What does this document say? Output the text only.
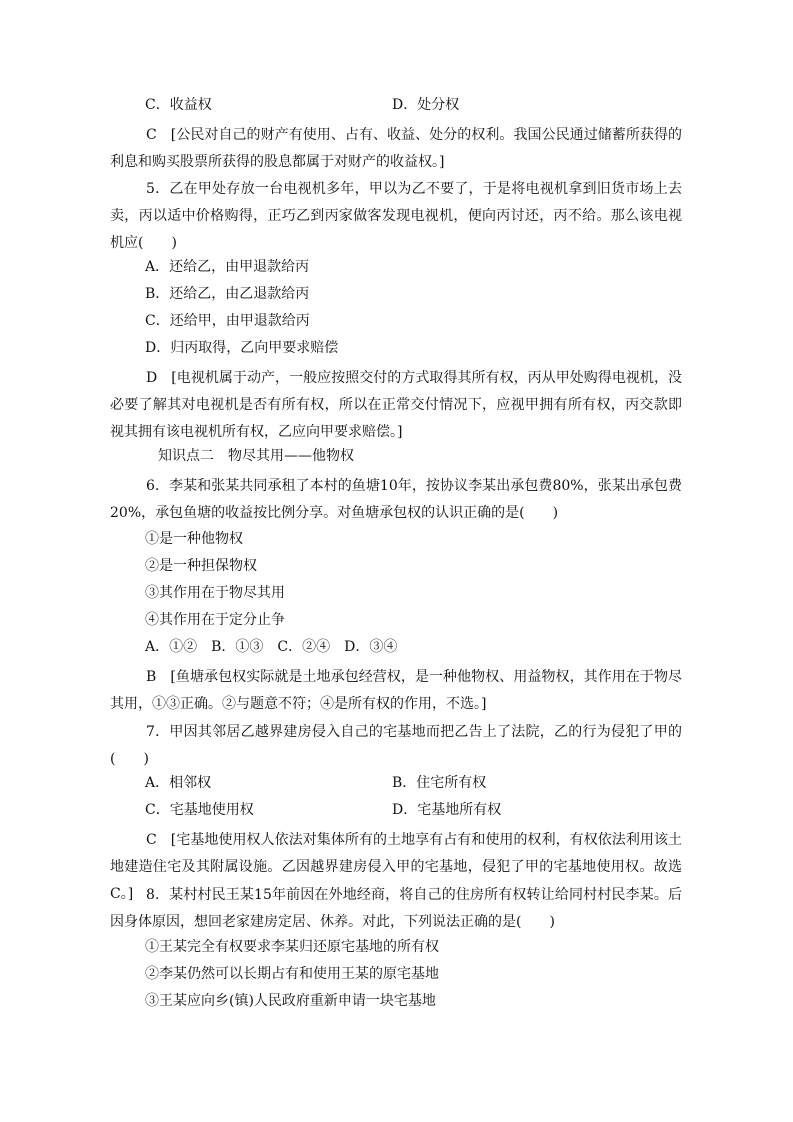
C．收益权	D．处分权
C　[公民对自己的财产有使用、占有、收益、处分的权利。我国公民通过储蓄所获得的利息和购买股票所获得的股息都属于对财产的收益权。]
5．乙在甲处存放一台电视机多年，甲以为乙不要了，于是将电视机拿到旧货市场上去卖，丙以适中价格购得，正巧乙到丙家做客发现电视机，便向丙讨还，丙不给。那么该电视机应(　　)
A．还给乙，由甲退款给丙
B．还给乙，由乙退款给丙
C．还给甲，由甲退款给丙
D．归丙取得，乙向甲要求赔偿
D　[电视机属于动产，一般应按照交付的方式取得其所有权，丙从甲处购得电视机，没必要了解其对电视机是否有所有权，所以在正常交付情况下，应视甲拥有所有权，丙交款即视其拥有该电视机所有权，乙应向甲要求赔偿。]
知识点二　物尽其用——他物权
6．李某和张某共同承租了本村的鱼塘10年，按协议李某出承包费80%，张某出承包费20%，承包鱼塘的收益按比例分享。对鱼塘承包权的认识正确的是(　　)
①是一种他物权
②是一种担保物权
③其作用在于物尽其用
④其作用在于定分止争
A．①②　B．①③　C．②④　D．③④
B　[鱼塘承包权实际就是土地承包经营权，是一种他物权、用益物权，其作用在于物尽其用，①③正确。②与题意不符；④是所有权的作用，不选。]
7．甲因其邻居乙越界建房侵入自己的宅基地而把乙告上了法院，乙的行为侵犯了甲的(　　)
A．相邻权	B．住宅所有权
C．宅基地使用权	D．宅基地所有权
C　[宅基地使用权人依法对集体所有的土地享有占有和使用的权利，有权依法利用该土地建造住宅及其附属设施。乙因越界建房侵入甲的宅基地，侵犯了甲的宅基地使用权。故选C。] 8．某村村民王某15年前因在外地经商，将自己的住房所有权转让给同村村民李某。后因身体原因，想回老家建房定居、休养。对此，下列说法正确的是(　　)
①王某完全有权要求李某归还原宅基地的所有权
②李某仍然可以长期占有和使用王某的原宅基地
③王某应向乡(镇)人民政府重新申请一块宅基地
